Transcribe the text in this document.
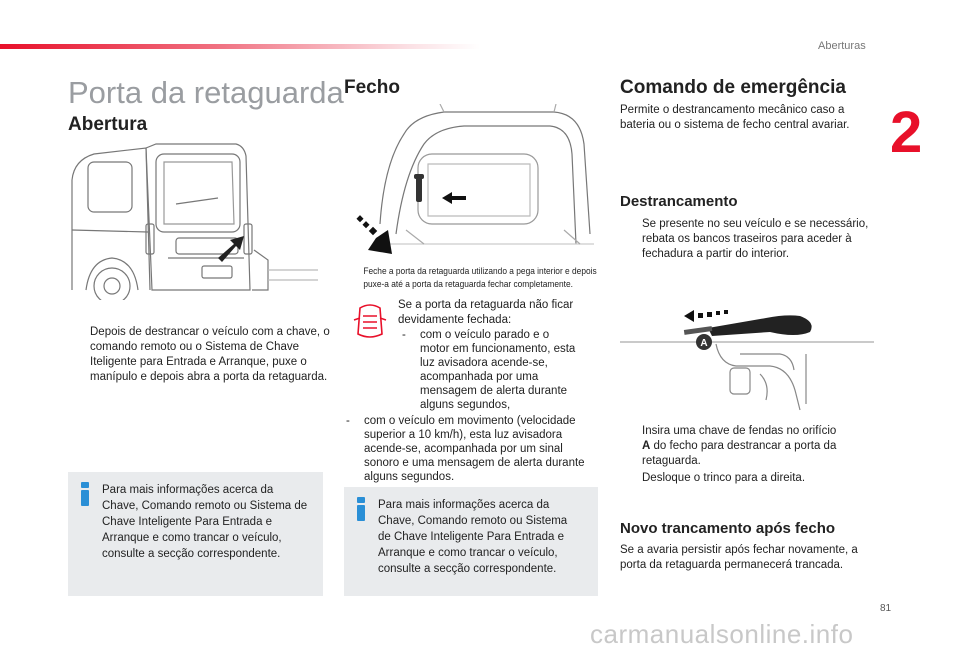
Aberturas
2
Porta da retaguarda
Abertura
Depois de destrancar o veículo com a chave, o comando remoto ou o Sistema de Chave Iteligente para Entrada e Arranque, puxe o manípulo e depois abra a porta da retaguarda.
Para mais informações acerca da Chave, Comando remoto ou Sistema de Chave Inteligente Para Entrada e Arranque e como trancar o veículo, consulte a secção correspondente.
Fecho
Feche a porta da retaguarda utilizando a pega interior e depois puxe-a até a porta da retaguarda fechar completamente.
Se a porta da retaguarda não ficar devidamente fechada:
- com o veículo parado e o motor em funcionamento, esta luz avisadora acende-se, acompanhada por uma mensagem de alerta durante alguns segundos,
- com o veículo em movimento (velocidade superior a 10 km/h), esta luz avisadora acende-se, acompanhada por um sinal sonoro e uma mensagem de alerta durante alguns segundos.
Para mais informações acerca da Chave, Comando remoto ou Sistema de Chave Inteligente Para Entrada e Arranque e como trancar o veículo, consulte a secção correspondente.
Comando de emergência
Permite o destrancamento mecânico caso a bateria ou o sistema de fecho central avariar.
Destrancamento
Se presente no seu veículo e se necessário, rebata os bancos traseiros para aceder à fechadura a partir do interior.
A
Insira uma chave de fendas no orifício
A do fecho para destrancar a porta da retaguarda.
Desloque o trinco para a direita.
Novo trancamento após fecho
Se a avaria persistir após fechar novamente, a porta da retaguarda permanecerá trancada.
81
carmanualsonline.info
